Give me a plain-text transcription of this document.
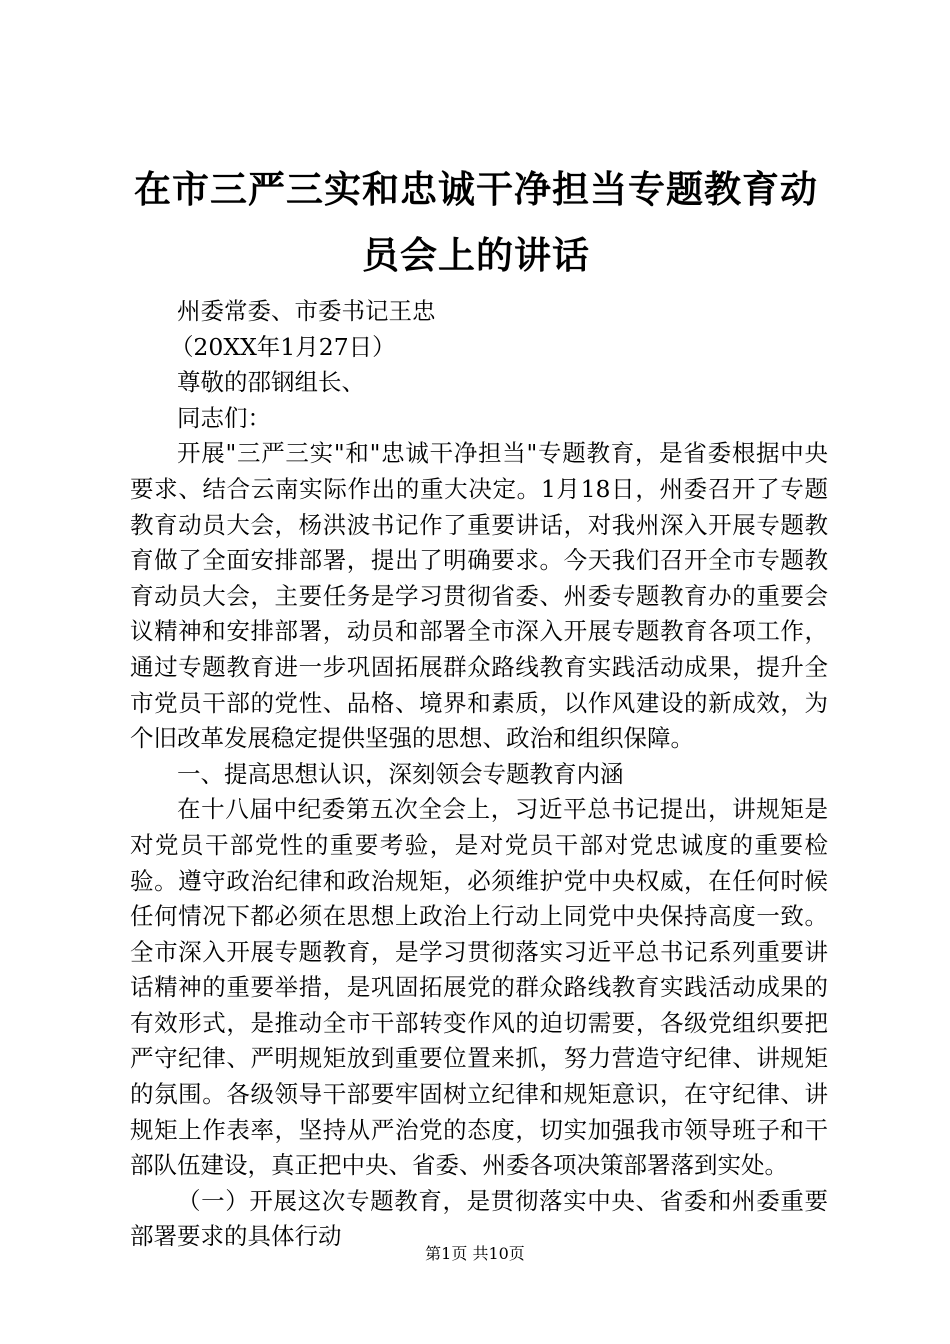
在市三严三实和忠诚干净担当专题教育动员会上的讲话

州委常委、市委书记王忠

（20XX年1月27日）

尊敬的邵钢组长、

同志们：

开展"三严三实"和"忠诚干净担当"专题教育，是省委根据中央要求、结合云南实际作出的重大决定。1月18日，州委召开了专题教育动员大会，杨洪波书记作了重要讲话，对我州深入开展专题教育做了全面安排部署，提出了明确要求。今天我们召开全市专题教育动员大会，主要任务是学习贯彻省委、州委专题教育办的重要会议精神和安排部署，动员和部署全市深入开展专题教育各项工作，通过专题教育进一步巩固拓展群众路线教育实践活动成果，提升全市党员干部的党性、品格、境界和素质，以作风建设的新成效，为个旧改革发展稳定提供坚强的思想、政治和组织保障。

一、提高思想认识，深刻领会专题教育内涵

在十八届中纪委第五次全会上，习近平总书记提出，讲规矩是对党员干部党性的重要考验，是对党员干部对党忠诚度的重要检验。遵守政治纪律和政治规矩，必须维护党中央权威，在任何时候任何情况下都必须在思想上政治上行动上同党中央保持高度一致。全市深入开展专题教育，是学习贯彻落实习近平总书记系列重要讲话精神的重要举措，是巩固拓展党的群众路线教育实践活动成果的有效形式，是推动全市干部转变作风的迫切需要，各级党组织要把严守纪律、严明规矩放到重要位置来抓，努力营造守纪律、讲规矩的氛围。各级领导干部要牢固树立纪律和规矩意识，在守纪律、讲规矩上作表率，坚持从严治党的态度，切实加强我市领导班子和干部队伍建设，真正把中央、省委、州委各项决策部署落到实处。

（一）开展这次专题教育，是贯彻落实中央、省委和州委重要部署要求的具体行动

第1页 共10页
